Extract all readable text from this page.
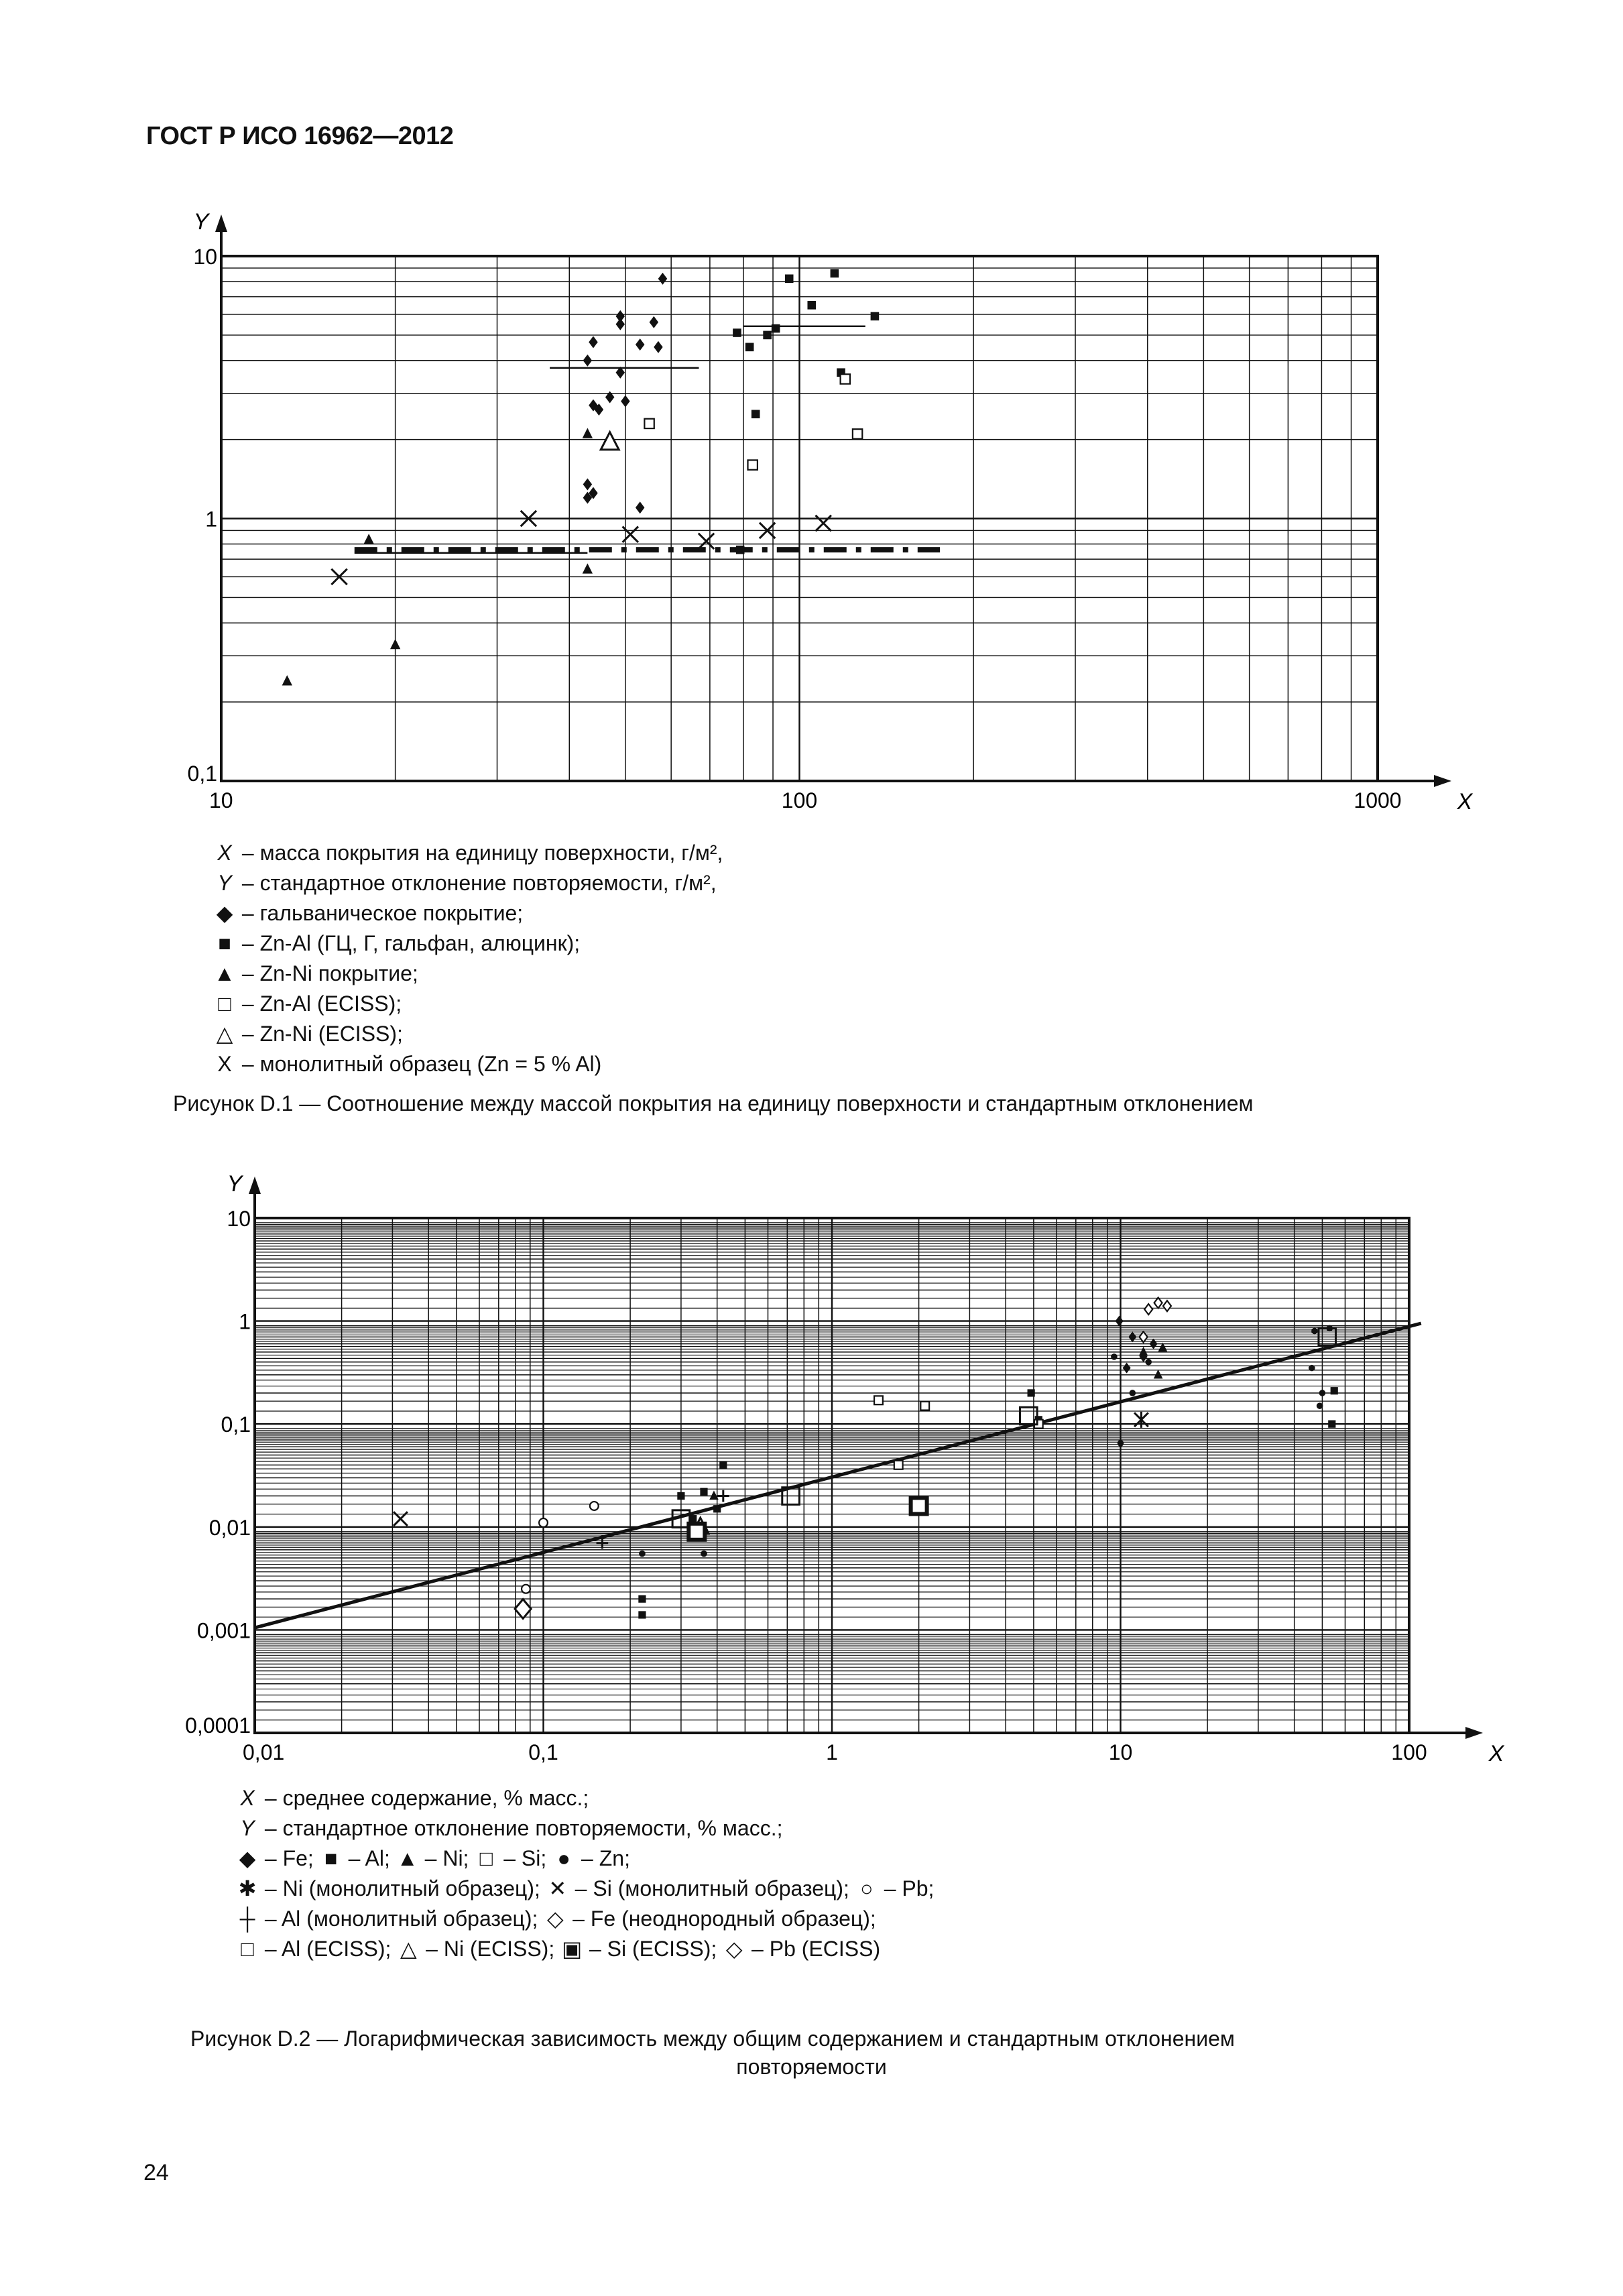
ГОСТ Р ИСО 16962—2012
X
Y
10	100	1000
0,1
1
10
X – масса покрытия на единицу поверхности, г/м²,
Y – стандартное отклонение повторяемости, г/м²,
◆ – гальваническое покрытие;
■ – Zn-Al (ГЦ, Г, гальфан, алюцинк);
▲ – Zn-Ni покрытие;
□ – Zn-Al (ECISS);
△ – Zn-Ni (ECISS);
X – монолитный образец (Zn = 5 % Al)
Рисунок D.1 — Соотношение между массой покрытия на единицу поверхности и стандартным отклонением
X
Y
0,01	0,1	1	10	100
0,0001
0,001
0,01
0,1
1
10
X – среднее содержание, % масс.;
Y – стандартное отклонение повторяемости, % масс.;
◆ – Fe; ■ – Al; ▲ – Ni; □ – Si; ● – Zn;
✱ – Ni (монолитный образец); ✕ – Si (монолитный образец); ○ – Pb;
┼ – Al (монолитный образец); ◇ – Fe (неоднородный образец);
□ – Al (ECISS); △ – Ni (ECISS); ▣ – Si (ECISS); ◇ – Pb (ECISS)
Рисунок D.2 — Логарифмическая зависимость между общим содержанием и стандартным отклонением
повторяемости
24
